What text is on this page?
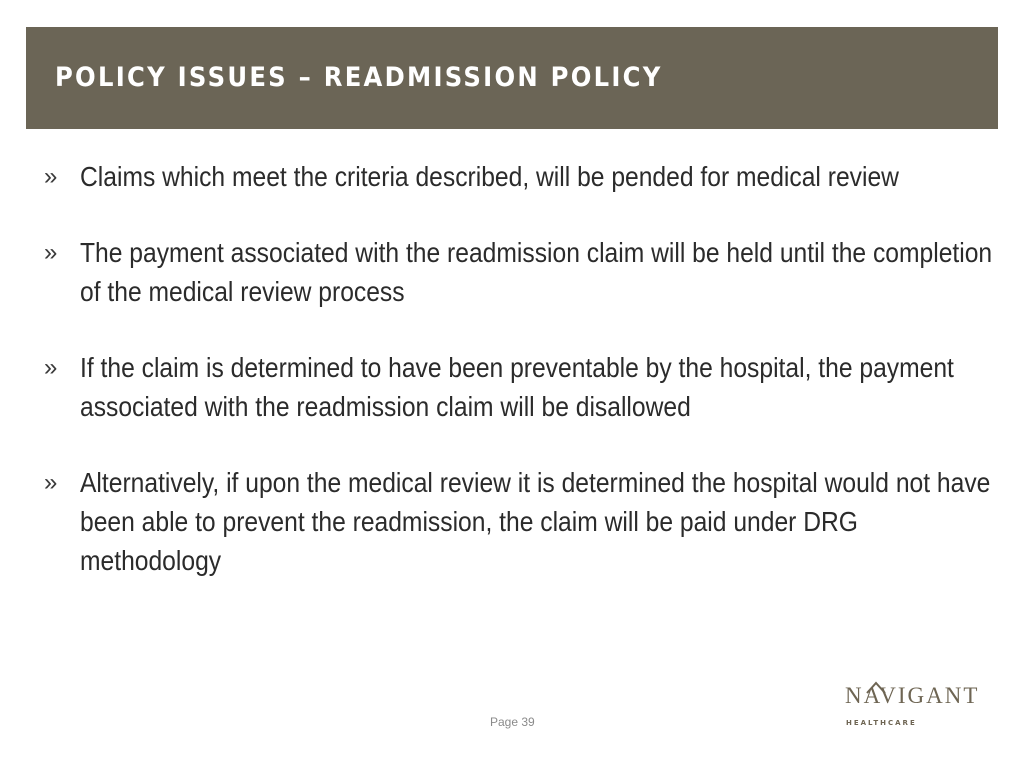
POLICY ISSUES – READMISSION POLICY
» Claims which meet the criteria described, will be pended for medical review
» The payment associated with the readmission claim will be held until the completion of the medical review process
» If the claim is determined to have been preventable by the hospital, the payment associated with the readmission claim will be disallowed
» Alternatively, if upon the medical review it is determined the hospital would not have been able to prevent the readmission, the claim will be paid under DRG methodology
Page 39
NAVIGANT
HEALTHCARE
